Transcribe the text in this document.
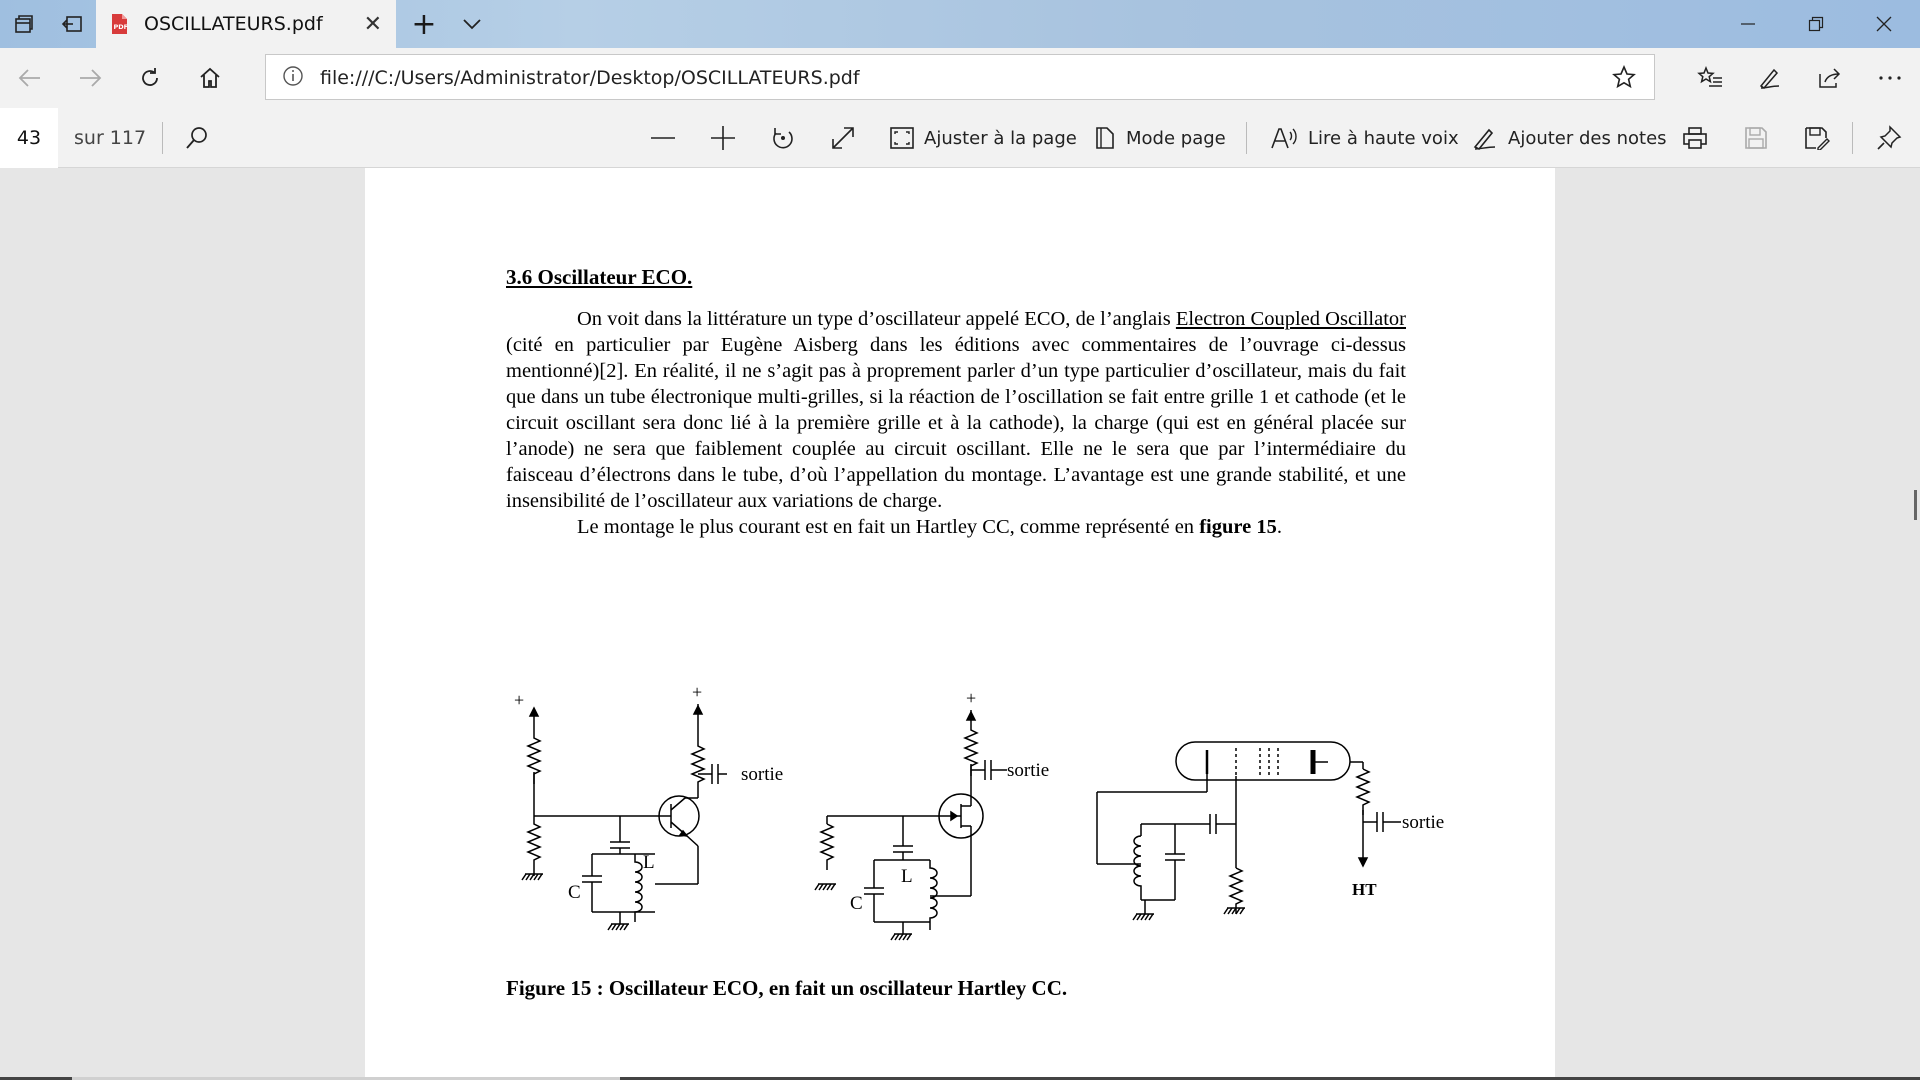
PDF OSCILLATEURS.pdf ✕ +
file:///C:/Users/Administrator/Desktop/OSCILLATEURS.pdf
43	sur 117	Ajuster à la page	Mode page	Lire à haute voix	Ajouter des notes
3.6 Oscillateur ECO.
On voit dans la littérature un type d’oscillateur appelé ECO, de l’anglais Electron Coupled Oscillator (cité en particulier par Eugène Aisberg dans les éditions avec commentaires de l’ouvrage ci-dessus mentionné)[2]. En réalité, il ne s’agit pas à proprement parler d’un type particulier d’oscillateur, mais du fait que dans un tube électronique multi-grilles, si la réaction de l’oscillation se fait entre grille 1 et cathode (et le circuit oscillant sera donc lié à la première grille et à la cathode), la charge (qui est en général placée sur l’anode) ne sera que faiblement couplée au circuit oscillant. Elle ne le sera que par l’intermédiaire du faisceau d’électrons dans le tube, d’où l’appellation du montage. L’avantage est une grande stabilité, et une insensibilité de l’oscillateur aux variations de charge.
Le montage le plus courant est en fait un Hartley CC, comme représenté en figure 15.
+
L
C
+
sortie
+
sortie
L
C
sortie
HT
Figure 15 : Oscillateur ECO, en fait un oscillateur Hartley CC.
